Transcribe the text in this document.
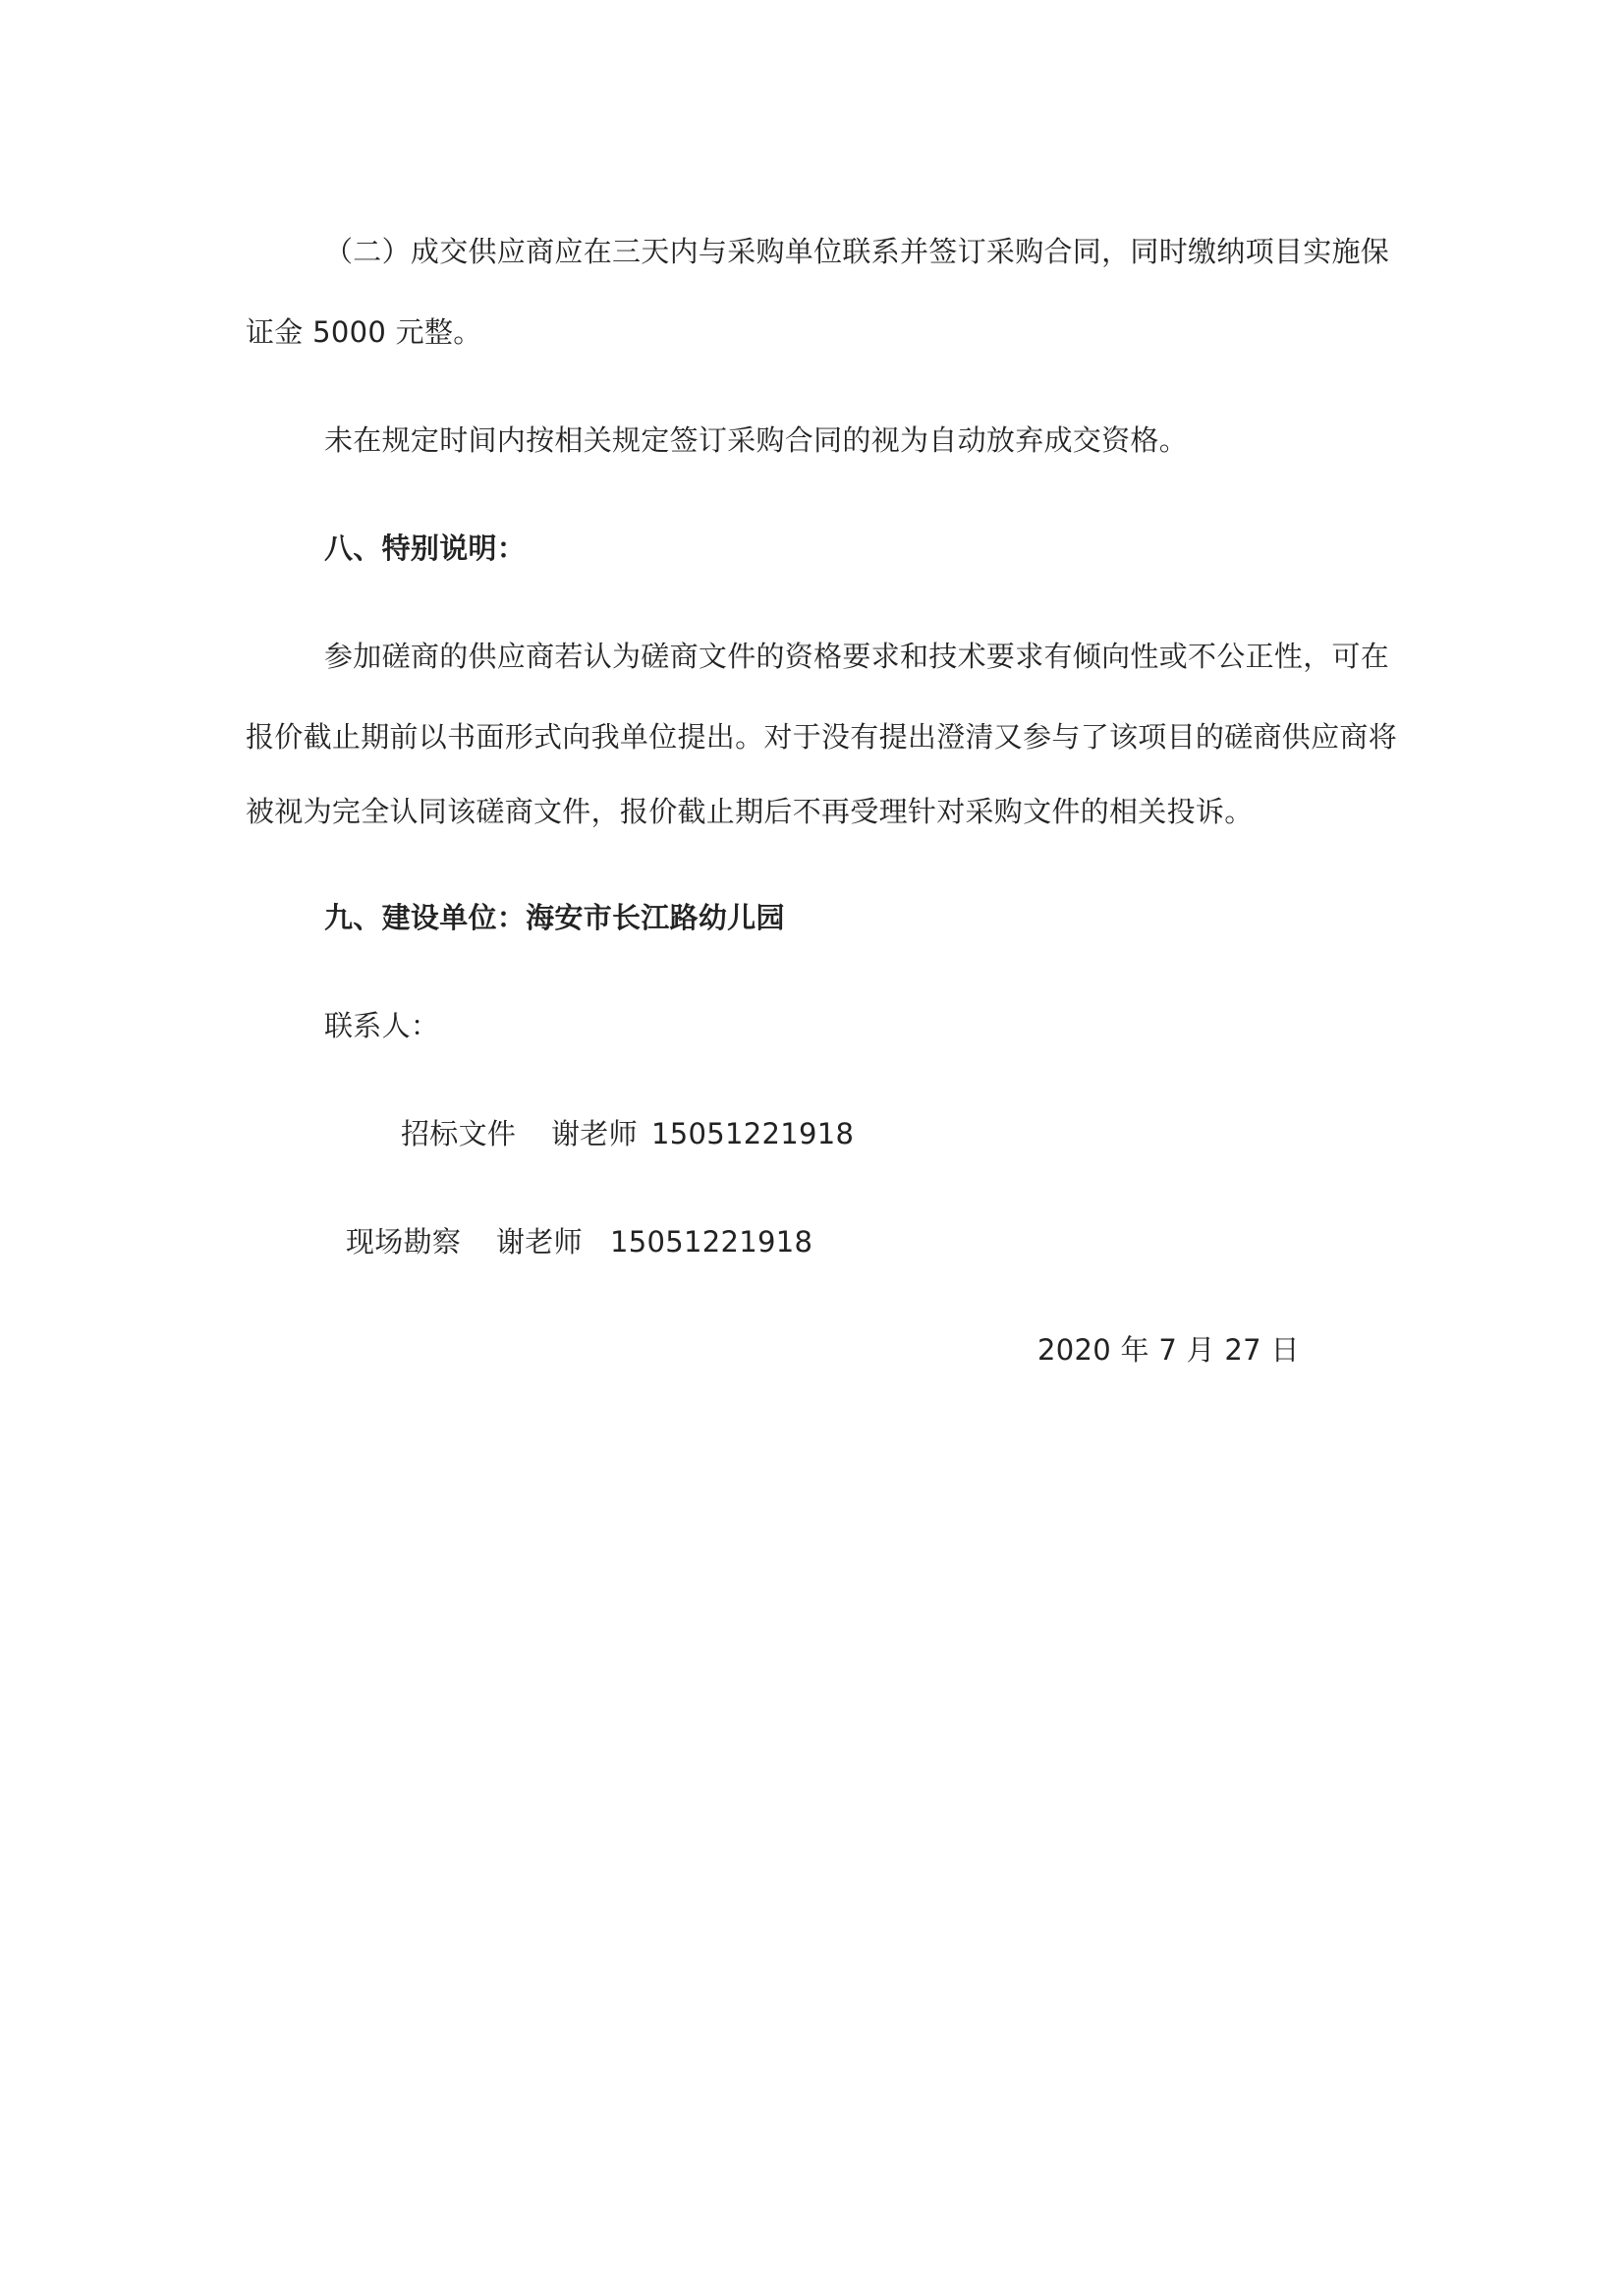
（二）成交供应商应在三天内与采购单位联系并签订采购合同，同时缴纳项目实施保
证金 5000 元整。
未在规定时间内按相关规定签订采购合同的视为自动放弃成交资格。
八、特别说明：
参加磋商的供应商若认为磋商文件的资格要求和技术要求有倾向性或不公正性，可在
报价截止期前以书面形式向我单位提出。对于没有提出澄清又参与了该项目的磋商供应商将
被视为完全认同该磋商文件，报价截止期后不再受理针对采购文件的相关投诉。
九、建设单位：海安市长江路幼儿园
联系人：
招标文件 谢老师 15051221918
现场勘察 谢老师 15051221918
2020 年 7 月 27 日
